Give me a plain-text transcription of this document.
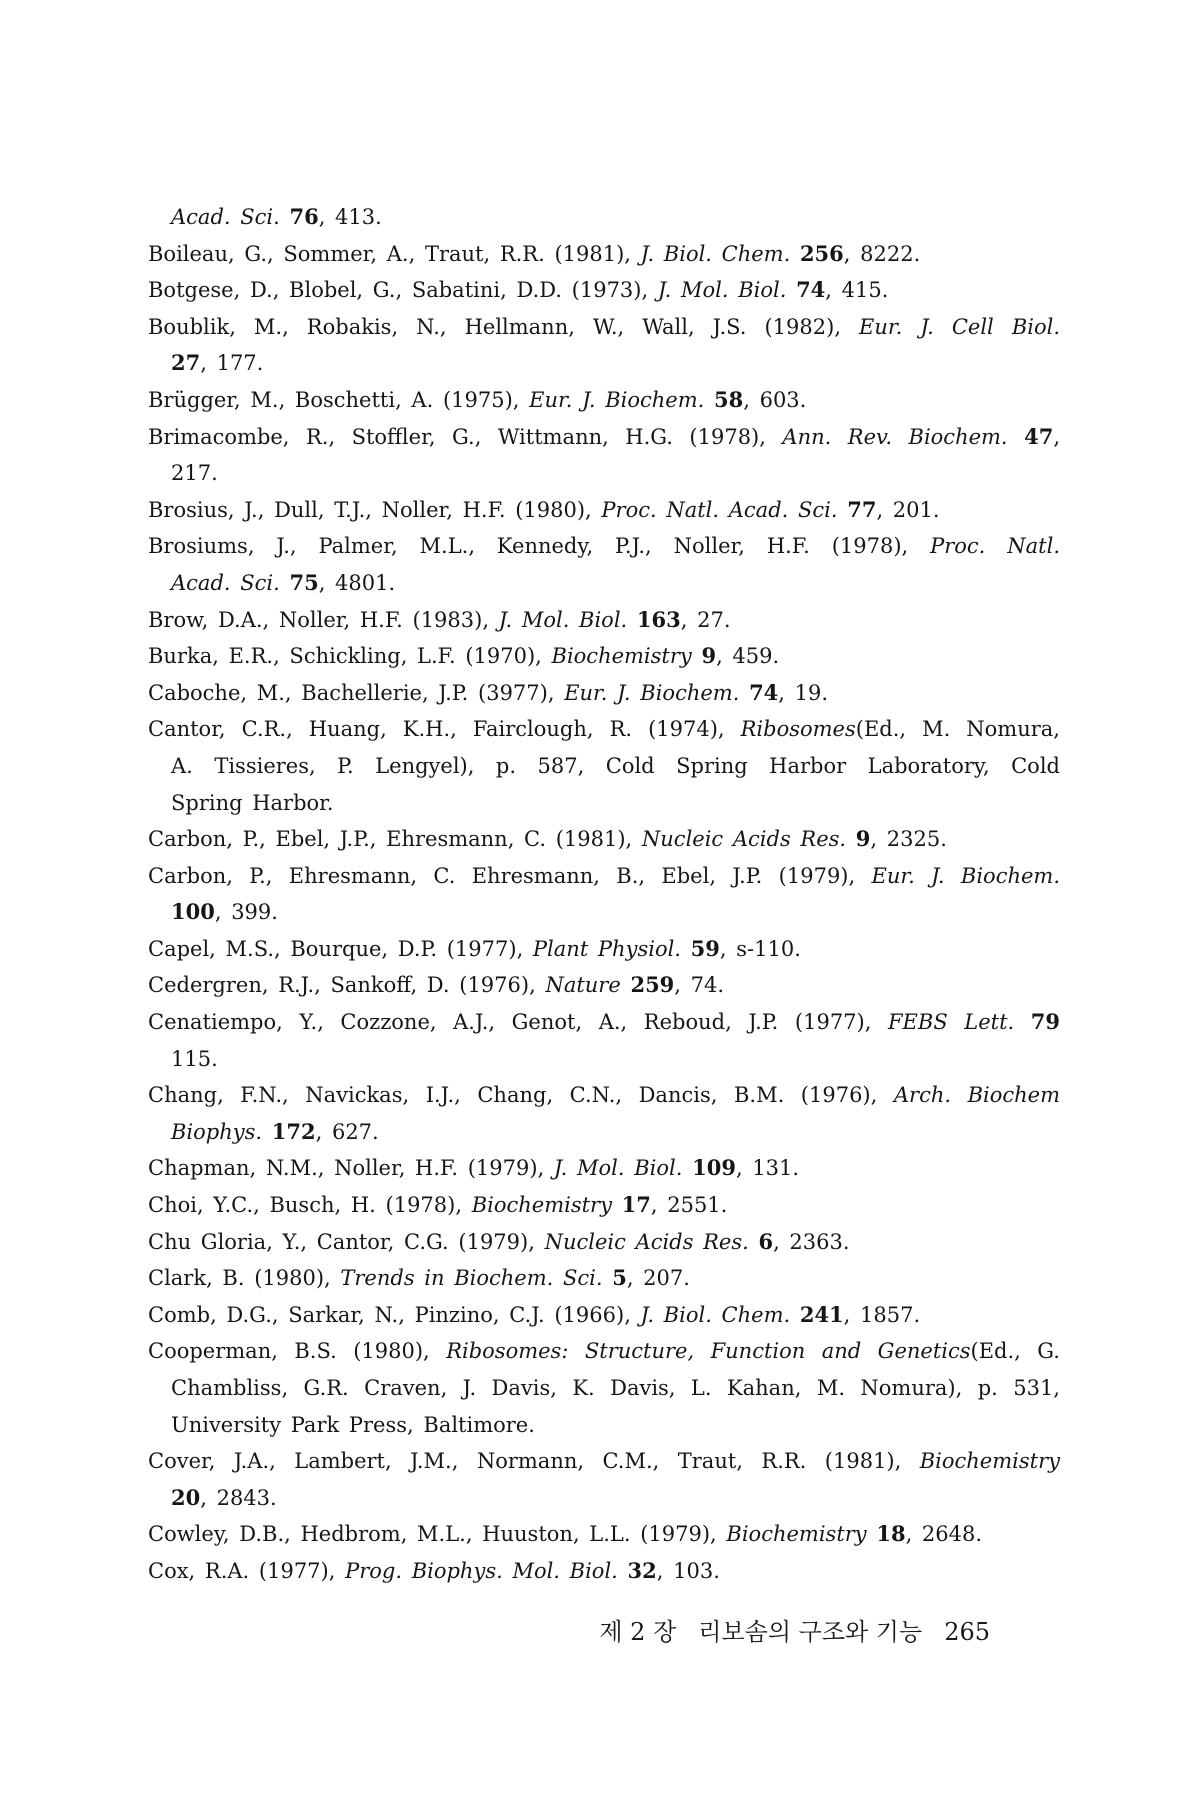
Acad. Sci. 76, 413.
Boileau, G., Sommer, A., Traut, R.R. (1981), J. Biol. Chem. 256, 8222.
Botgese, D., Blobel, G., Sabatini, D.D. (1973), J. Mol. Biol. 74, 415.
Boublik, M., Robakis, N., Hellmann, W., Wall, J.S. (1982), Eur. J. Cell Biol.
27, 177.
Brügger, M., Boschetti, A. (1975), Eur. J. Biochem. 58, 603.
Brimacombe, R., Stoffler, G., Wittmann, H.G. (1978), Ann. Rev. Biochem. 47,
217.
Brosius, J., Dull, T.J., Noller, H.F. (1980), Proc. Natl. Acad. Sci. 77, 201.
Brosiums, J., Palmer, M.L., Kennedy, P.J., Noller, H.F. (1978), Proc. Natl.
Acad. Sci. 75, 4801.
Brow, D.A., Noller, H.F. (1983), J. Mol. Biol. 163, 27.
Burka, E.R., Schickling, L.F. (1970), Biochemistry 9, 459.
Caboche, M., Bachellerie, J.P. (3977), Eur. J. Biochem. 74, 19.
Cantor, C.R., Huang, K.H., Fairclough, R. (1974), Ribosomes(Ed., M. Nomura,
A. Tissieres, P. Lengyel), p. 587, Cold Spring Harbor Laboratory, Cold
Spring Harbor.
Carbon, P., Ebel, J.P., Ehresmann, C. (1981), Nucleic Acids Res. 9, 2325.
Carbon, P., Ehresmann, C. Ehresmann, B., Ebel, J.P. (1979), Eur. J. Biochem.
100, 399.
Capel, M.S., Bourque, D.P. (1977), Plant Physiol. 59, s-110.
Cedergren, R.J., Sankoff, D. (1976), Nature 259, 74.
Cenatiempo, Y., Cozzone, A.J., Genot, A., Reboud, J.P. (1977), FEBS Lett. 79
115.
Chang, F.N., Navickas, I.J., Chang, C.N., Dancis, B.M. (1976), Arch. Biochem
Biophys. 172, 627.
Chapman, N.M., Noller, H.F. (1979), J. Mol. Biol. 109, 131.
Choi, Y.C., Busch, H. (1978), Biochemistry 17, 2551.
Chu Gloria, Y., Cantor, C.G. (1979), Nucleic Acids Res. 6, 2363.
Clark, B. (1980), Trends in Biochem. Sci. 5, 207.
Comb, D.G., Sarkar, N., Pinzino, C.J. (1966), J. Biol. Chem. 241, 1857.
Cooperman, B.S. (1980), Ribosomes: Structure, Function and Genetics(Ed., G.
Chambliss, G.R. Craven, J. Davis, K. Davis, L. Kahan, M. Nomura), p. 531,
University Park Press, Baltimore.
Cover, J.A., Lambert, J.M., Normann, C.M., Traut, R.R. (1981), Biochemistry
20, 2843.
Cowley, D.B., Hedbrom, M.L., Huuston, L.L. (1979), Biochemistry 18, 2648.
Cox, R.A. (1977), Prog. Biophys. Mol. Biol. 32, 103.
제 2 장 리보솜의 구조와 기능 265
